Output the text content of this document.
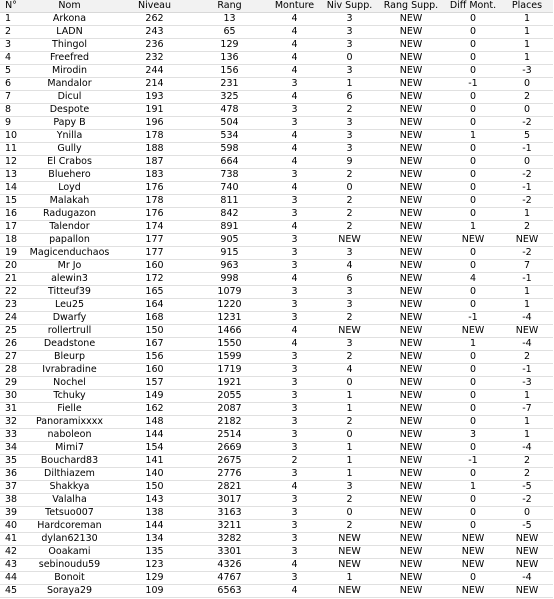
N°	Nom	Niveau	Rang	Monture	Niv Supp.	Rang Supp.	Diff Mont.	Places
1	Arkona	262	13	4	3	NEW	0	1
2	LADN	243	65	4	3	NEW	0	1
3	Thingol	236	129	4	3	NEW	0	1
4	Freefred	232	136	4	0	NEW	0	1
5	Mirodin	244	156	4	3	NEW	0	-3
6	Mandalor	214	231	3	1	NEW	-1	0
7	Dicul	193	325	4	6	NEW	0	2
8	Despote	191	478	3	2	NEW	0	0
9	Papy B	196	504	3	3	NEW	0	-2
10	Ynilla	178	534	4	3	NEW	1	5
11	Gully	188	598	4	3	NEW	0	-1
12	El Crabos	187	664	4	9	NEW	0	0
13	Bluehero	183	738	3	2	NEW	0	-2
14	Loyd	176	740	4	0	NEW	0	-1
15	Malakah	178	811	3	2	NEW	0	-2
16	Radugazon	176	842	3	2	NEW	0	1
17	Talendor	174	891	4	2	NEW	1	2
18	papallon	177	905	3	NEW	NEW	NEW	NEW
19	Magicenduchaos	177	915	3	3	NEW	0	-2
20	Mr Jo	160	963	3	4	NEW	0	7
21	alewin3	172	998	4	6	NEW	4	-1
22	Titteuf39	165	1079	3	3	NEW	0	1
23	Leu25	164	1220	3	3	NEW	0	1
24	Dwarfy	168	1231	3	2	NEW	-1	-4
25	rollertrull	150	1466	4	NEW	NEW	NEW	NEW
26	Deadstone	167	1550	4	3	NEW	1	-4
27	Bleurp	156	1599	3	2	NEW	0	2
28	Ivrabradine	160	1719	3	4	NEW	0	-1
29	Nochel	157	1921	3	0	NEW	0	-3
30	Tchuky	149	2055	3	1	NEW	0	1
31	Fielle	162	2087	3	1	NEW	0	-7
32	Panoramixxxx	148	2182	3	2	NEW	0	1
33	naboleon	144	2514	3	0	NEW	3	1
34	Mimi7	154	2669	3	1	NEW	0	-4
35	Bouchard83	141	2675	2	1	NEW	-1	2
36	Dilthiazem	140	2776	3	1	NEW	0	2
37	Shakkya	150	2821	4	3	NEW	1	-5
38	Valalha	143	3017	3	2	NEW	0	-2
39	Tetsuo007	138	3163	3	0	NEW	0	0
40	Hardcoreman	144	3211	3	2	NEW	0	-5
41	dylan62130	134	3282	3	NEW	NEW	NEW	NEW
42	Ooakami	135	3301	3	NEW	NEW	NEW	NEW
43	sebinoudu59	123	4326	4	NEW	NEW	NEW	NEW
44	Bonoit	129	4767	3	1	NEW	0	-4
45	Soraya29	109	6563	4	NEW	NEW	NEW	NEW
